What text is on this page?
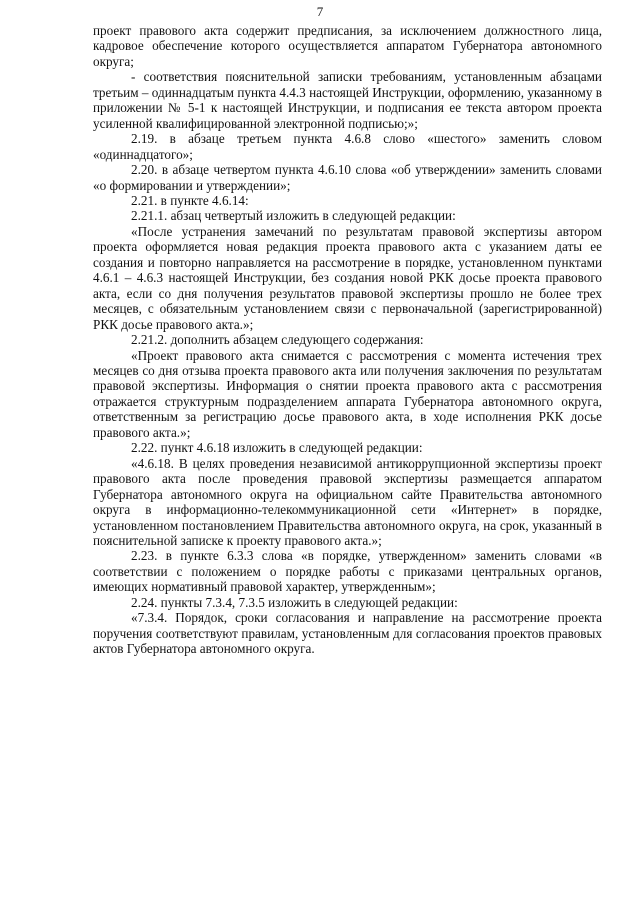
7

проект правового акта содержит предписания, за исключением должностного лица, кадровое обеспечение которого осуществляется аппаратом Губернатора автономного округа;

- соответствия пояснительной записки требованиям, установленным абзацами третьим – одиннадцатым пункта 4.4.3 настоящей Инструкции, оформлению, указанному в приложении № 5-1 к настоящей Инструкции, и подписания ее текста автором проекта усиленной квалифицированной электронной подписью;»;

2.19. в абзаце третьем пункта 4.6.8 слово «шестого» заменить словом «одиннадцатого»;

2.20. в абзаце четвертом пункта 4.6.10 слова «об утверждении» заменить словами «о формировании и утверждении»;

2.21. в пункте 4.6.14:

2.21.1. абзац четвертый изложить в следующей редакции:

«После устранения замечаний по результатам правовой экспертизы автором проекта оформляется новая редакция проекта правового акта с указанием даты ее создания и повторно направляется на рассмотрение в порядке, установленном пунктами 4.6.1 – 4.6.3 настоящей Инструкции, без создания новой РКК досье проекта правового акта, если со дня получения результатов правовой экспертизы прошло не более трех месяцев, с обязательным установлением связи с первоначальной (зарегистрированной) РКК досье правового акта.»;

2.21.2. дополнить абзацем следующего содержания:

«Проект правового акта снимается с рассмотрения с момента истечения трех месяцев со дня отзыва проекта правового акта или получения заключения по результатам правовой экспертизы. Информация о снятии проекта правового акта с рассмотрения отражается структурным подразделением аппарата Губернатора автономного округа, ответственным за регистрацию досье правового акта, в ходе исполнения РКК досье правового акта.»;

2.22. пункт 4.6.18 изложить в следующей редакции:

«4.6.18. В целях проведения независимой антикоррупционной экспертизы проект правового акта после проведения правовой экспертизы размещается аппаратом Губернатора автономного округа на официальном сайте Правительства автономного округа в информационно-телекоммуникационной сети «Интернет» в порядке, установленном постановлением Правительства автономного округа, на срок, указанный в пояснительной записке к проекту правового акта.»;

2.23. в пункте 6.3.3 слова «в порядке, утвержденном» заменить словами «в соответствии с положением о порядке работы с приказами центральных органов, имеющих нормативный правовой характер, утвержденным»;

2.24. пункты 7.3.4, 7.3.5 изложить в следующей редакции:

«7.3.4. Порядок, сроки согласования и направление на рассмотрение проекта поручения соответствуют правилам, установленным для согласования проектов правовых актов Губернатора автономного округа.
